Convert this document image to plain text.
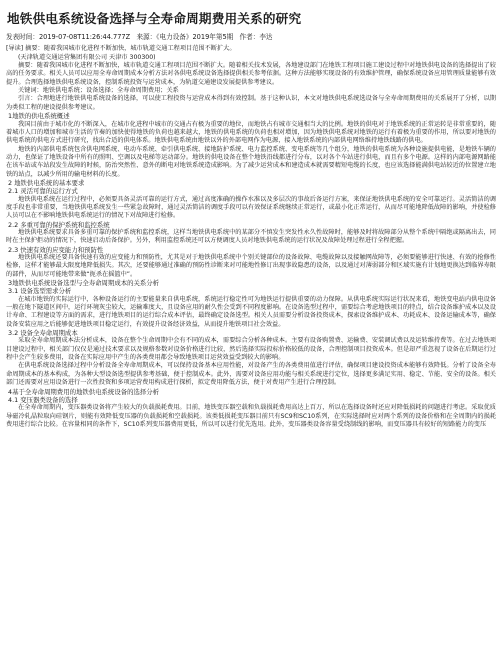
地铁供电系统设备选择与全寿命周期费用关系的研究
发表时间：2019-07-08T11:26:44.777Z 来源：《电力设备》2019年第5期 作者：李达

[导读] 摘要：随着我国城市化进程不断加快，城市轨道交通工程项目范围不断扩大。

(天津轨道交通运营集团有限公司 天津市 300300)

摘要：随着我国城市化进程不断加快，城市轨道交通工程项目范围不断扩大。随着相关技术发展，各地建设部门在地铁工程项目施工建设过程中对地铁供电设备的选择提出了较高的任务要求。相关人员可以应用全寿命周期成本分析方法对各供电系统设备选择提供相关参考依据。这种方法能够实现设备的有效维护管理，确保系统设备应用管理质量能够有效提升。合理选择地铁供电系统设备，控制系统投资与运营成本，为轨道交通建设发展提供参考建议。

关键词：地铁供电系统；设备选择；全寿命周期费用；关系

引言：合理地进行地铁供电系统设备的选择，可以使工程投资与运营成本得到有效控制。基于这种认识，本文对地铁供电系统选设备与全寿命周期费用的关系展开了分析，以期为类似工程的建设提供参考建议。

1地铁的供电系统概述

我国目前由于城市化的不断深入，在城市化进程中城市的交通占有极为重要的地位，而地铁占有城市交通相当大的比例。地铁的供电对于地铁系统的正常运转是非常重要的，随着城市人口的增加和城市生活的节奏的加快使得地铁的负荷也越来越大，地铁的供电系统的负荷也相对增加，因为地铁供电系统对地铁的运行有着极为重要的作用，所以要对地铁的供电系统的供电方式进行研究，找出合适的供电体系。地铁供电系统由地铁以外的外部电网作为电源，接入地铁系统的内部供电网络维持地铁线路的供电。

地铁的内部供电系统包含供电网系统、电动车系统、牵引供电系统、接地防护系统、电力监控系统、变电系统等几个组分，地铁的供电系统为各种设施提供电能，是地铁车辆的动力，也保证了地铁设备中所有的照明、空调以及电梯等运动部分。地铁的供电设备在整个地铁沿线都进行分布，以对各个车站进行供电，而且有多个电源。这样的内部电源网路能在该车站或车站段发生故障的时候，防治突然性、意外的断电对地铁系统造成影响。为了减少运营成本和建造成本就需要精短电缆的长度，也应该选择能满供电站较近的位置建立地铁的站点，以减少所用的输电材料的长度。

2 地铁供电系统的基本要求

2.1 灵活可靠的运行方式

地铁供电系统在运行过程中，必须要具备灵活可靠的运行方式，通过高度准确的操作水准以及多层次的事故后备运行方案，来保证地铁供电系统的安全可靠运行。灵活简洁的调度手段也非常重要，当地铁供电系统发生一些紧急故障时，通过灵活简洁的调度手段可以有效保证系统继续正常运行，或最小化正常运行，从而尽可能地降低故障的影响，并使检修人员可以在不影响地铁供电系统运行的情况下对故障进行检修。

2.2 多重可靠的保护系统和监控系统

地铁供电系统要求具备多重可靠的保护系统和监控系统，这样当地铁供电系统中的某部分不慎发生突发性永久性故障时，能够及时将故障部分从整个系统中隔绝或隔离出去，同时在主保护拒动的情况下，快速启动后备保护。另外，利用监控系统还可以方便调度人员对地铁供电系统的运行状况及故障处理过程进行全程把握。

2.3 快速有效的应变能力和预防性

地铁供电系统还要具备快速有效的应变能力和预防性，尤其是对于地铁供电系统中个别关键部位的设备故障、电缆故障以及接触网故障等，必须要能够进行快速、有效的抢修性检修，这样才能够最大限度地降低损失。其次，还要能够通过准确的预防性诊断来对可能地性修订出现事故隐患的设备，以及通过对薄弱部分和区域实施有计划地更换达到临界寿限的部件，从而尽可能地带来做“扼杀在摇篮中”。

3地铁供电系统设备选型与全寿命周期成本的关系分析

3.1 设备选型需求分析

在城市地铁的实际运行中，各种设备运行的主要能量来自供电系统，系统运行稳定性可为地铁运行提供重要的动力保障。从供电系统实际运行状况来看，地铁变电站内供电设备一般在地下隧道区间中，运行环境灰尘较大，运输难度大，且设备应用的耐久性会受到不同程度影响。在设备选型过程中，需要综合考虑地铁项目的特点，结合设备维护成本以及设计寿命、工程建设等方面的需求，进行地铁项目的运行综合成本评估，最终确定设备选型。相关人员需要分析设备投资成本，探索设备维护成本、功耗成本、设备运输成本等，确保设备安装应用之后能够促进地铁项目稳定运行，有效提升设备经济效益，从而提升地铁项目社会效益。

3.2 设备全寿命周期成本

采取全寿命周期成本法分析成本，设备在整个生命周期中会有不同的成本，需要综合分析各种成本。主要有设备购置费、运输费、安装调试费以及运转维持费等。在过去地铁项目建设过程中，相关部门仅仅是通过技术要求以及规格参数对设备价格进行比较，然后选择实际投标价格较低的设备，合理控制项目投资成本。但是却严重忽视了设备在后期运行过程中会产生较多费用，设备在实际应用中产生的各类费用都会导致地铁项目运营效益受到较大的影响。

在供电系统设备选择过程中分析设备全寿命周期成本，可以保持设备基本应用性能，对设备产生的各类费用值进行评估，确保项目建设投资成本能够有效降低。分析了设备全寿命周期成本的基本构成，为各种大型设备选型提供参考基础，便于控制成本。此外，需要对设备应用功能与相关系统进行定位，选择更多满足实用、稳定、节能、安全的设备。相关部门还需要对应用设备进行一次性投资和多项运营费用构成进行探析，拟定费用降低方法，便于对费用产生进行合理控制。

4基于全寿命周期费用的地铁供电系统设备的选择分析

4.1 变压器类设备的选择

在全寿命周期内，变压器类设备将产生较大的负载损耗费用。目前，地铁变压器空载和负载损耗费用高达上百万，所以在选择设备时还应对降低损耗的问题进行考虑。采取优质导磁冷轧晶粒取向硅钢片，则能有效降低变压器的负载损耗和空载损耗。该类低损耗变压器目前只有SC9和SC10系列，在实际选择时应对两个系列的设备价格和在全周期内的损耗费用进行综合比较。在容量相同的条件下，SC10系列变压器费用更低，所以可以进行优先选用。此外，变压器类设备容量受绕制线的影响，而变压器具有较好的短路能力的变压
